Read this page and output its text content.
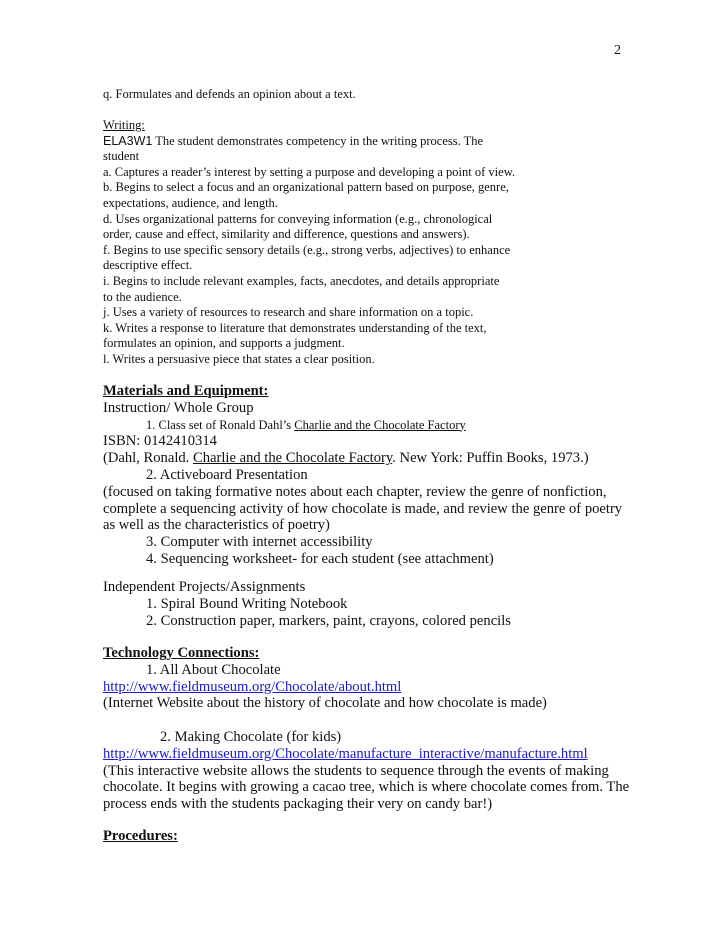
2
q. Formulates and defends an opinion about a text.
Writing:
ELA3W1 The student demonstrates competency in the writing process. The
student
a. Captures a reader’s interest by setting a purpose and developing a point of view.
b. Begins to select a focus and an organizational pattern based on purpose, genre,
expectations, audience, and length.
d. Uses organizational patterns for conveying information (e.g., chronological
order, cause and effect, similarity and difference, questions and answers).
f. Begins to use specific sensory details (e.g., strong verbs, adjectives) to enhance
descriptive effect.
i. Begins to include relevant examples, facts, anecdotes, and details appropriate
to the audience.
j. Uses a variety of resources to research and share information on a topic.
k. Writes a response to literature that demonstrates understanding of the text,
formulates an opinion, and supports a judgment.
l. Writes a persuasive piece that states a clear position.
Materials and Equipment:
Instruction/ Whole Group
1. Class set of Ronald Dahl’s Charlie and the Chocolate Factory
ISBN: 0142410314
(Dahl, Ronald. Charlie and the Chocolate Factory. New York: Puffin Books, 1973.)
2. Activeboard Presentation
(focused on taking formative notes about each chapter, review the genre of nonfiction,
complete a sequencing activity of how chocolate is made, and review the genre of poetry
as well as the characteristics of poetry)
3. Computer with internet accessibility
4. Sequencing worksheet- for each student (see attachment)
Independent Projects/Assignments
1. Spiral Bound Writing Notebook
2. Construction paper, markers, paint, crayons, colored pencils
Technology Connections:
1. All About Chocolate
http://www.fieldmuseum.org/Chocolate/about.html
(Internet Website about the history of chocolate and how chocolate is made)
2. Making Chocolate (for kids)
http://www.fieldmuseum.org/Chocolate/manufacture_interactive/manufacture.html
(This interactive website allows the students to sequence through the events of making
chocolate. It begins with growing a cacao tree, which is where chocolate comes from. The
process ends with the students packaging their very on candy bar!)
Procedures:
